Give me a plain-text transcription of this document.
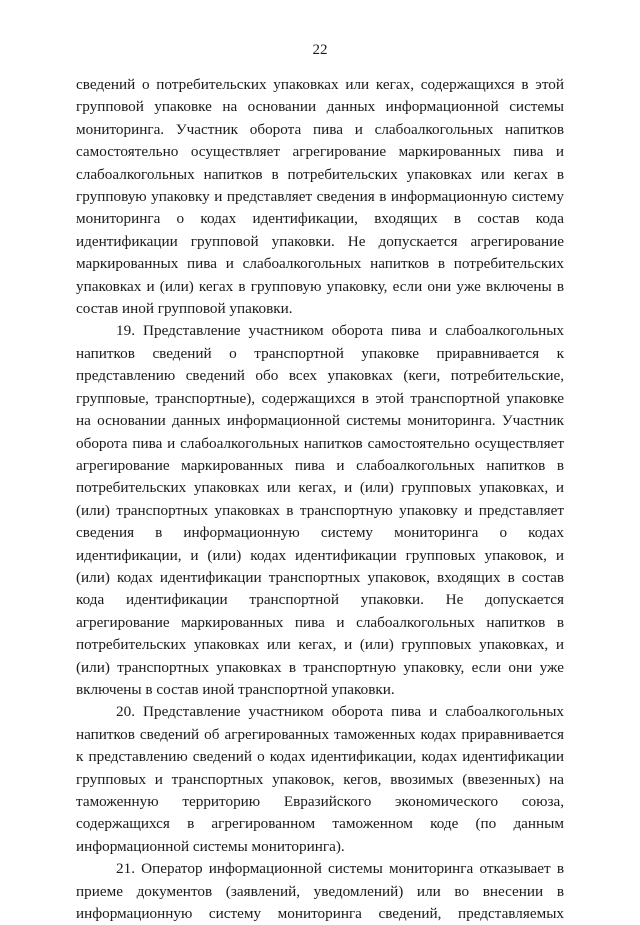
22

сведений о потребительских упаковках или кегах, содержащихся в этой групповой упаковке на основании данных информационной системы мониторинга. Участник оборота пива и слабоалкогольных напитков самостоятельно осуществляет агрегирование маркированных пива и слабоалкогольных напитков в потребительских упаковках или кегах в групповую упаковку и представляет сведения в информационную систему мониторинга о кодах идентификации, входящих в состав кода идентификации групповой упаковки. Не допускается агрегирование маркированных пива и слабоалкогольных напитков в потребительских упаковках и (или) кегах в групповую упаковку, если они уже включены в состав иной групповой упаковки.

19. Представление участником оборота пива и слабоалкогольных напитков сведений о транспортной упаковке приравнивается к представлению сведений обо всех упаковках (кеги, потребительские, групповые, транспортные), содержащихся в этой транспортной упаковке на основании данных информационной системы мониторинга. Участник оборота пива и слабоалкогольных напитков самостоятельно осуществляет агрегирование маркированных пива и слабоалкогольных напитков в потребительских упаковках или кегах, и (или) групповых упаковках, и (или) транспортных упаковках в транспортную упаковку и представляет сведения в информационную систему мониторинга о кодах идентификации, и (или) кодах идентификации групповых упаковок, и (или) кодах идентификации транспортных упаковок, входящих в состав кода идентификации транспортной упаковки. Не допускается агрегирование маркированных пива и слабоалкогольных напитков в потребительских упаковках или кегах, и (или) групповых упаковках, и (или) транспортных упаковках в транспортную упаковку, если они уже включены в состав иной транспортной упаковки.

20. Представление участником оборота пива и слабоалкогольных напитков сведений об агрегированных таможенных кодах приравнивается к представлению сведений о кодах идентификации, кодах идентификации групповых и транспортных упаковок, кегов, ввозимых (ввезенных) на таможенную территорию Евразийского экономического союза, содержащихся в агрегированном таможенном коде (по данным информационной системы мониторинга).

21. Оператор информационной системы мониторинга отказывает в приеме документов (заявлений, уведомлений) или во внесении в информационную систему мониторинга сведений, представляемых
